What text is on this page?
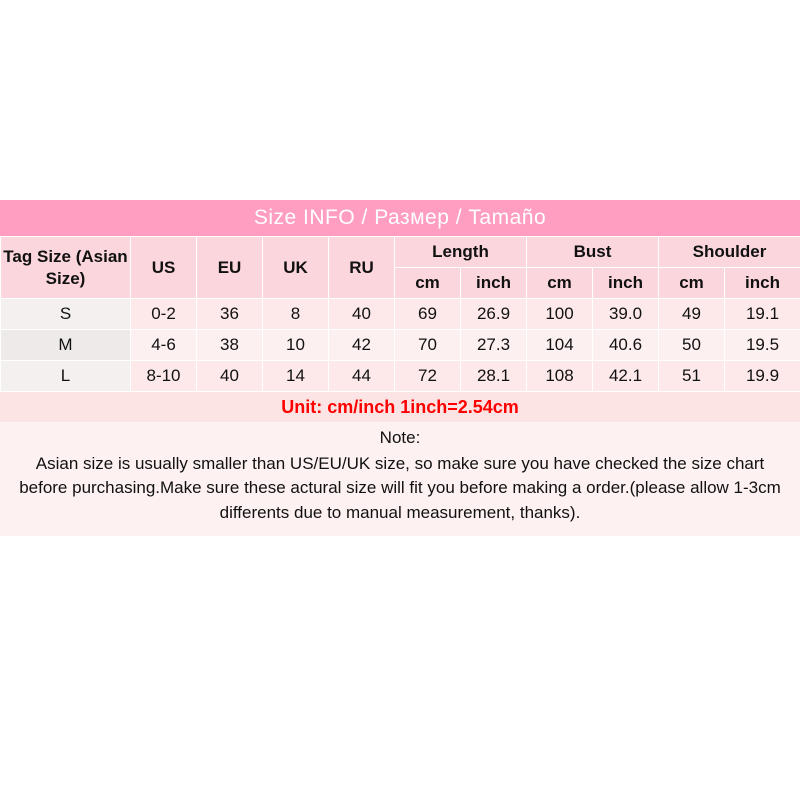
Size INFO / Размер / Tamaño
Tag Size (Asian Size)	US	EU	UK	RU	Length		Bust		Shoulder	
					cm	inch	cm	inch	cm	inch
S	0-2	36	8	40	69	26.9	100	39.0	49	19.1
M	4-6	38	10	42	70	27.3	104	40.6	50	19.5
L	8-10	40	14	44	72	28.1	108	42.1	51	19.9
Unit: cm/inch 1inch=2.54cm
Note:
Asian size is usually smaller than US/EU/UK size, so make sure you have checked the size chart before purchasing.Make sure these actural size will fit you before making a order.(please allow 1-3cm differents due to manual measurement, thanks).
